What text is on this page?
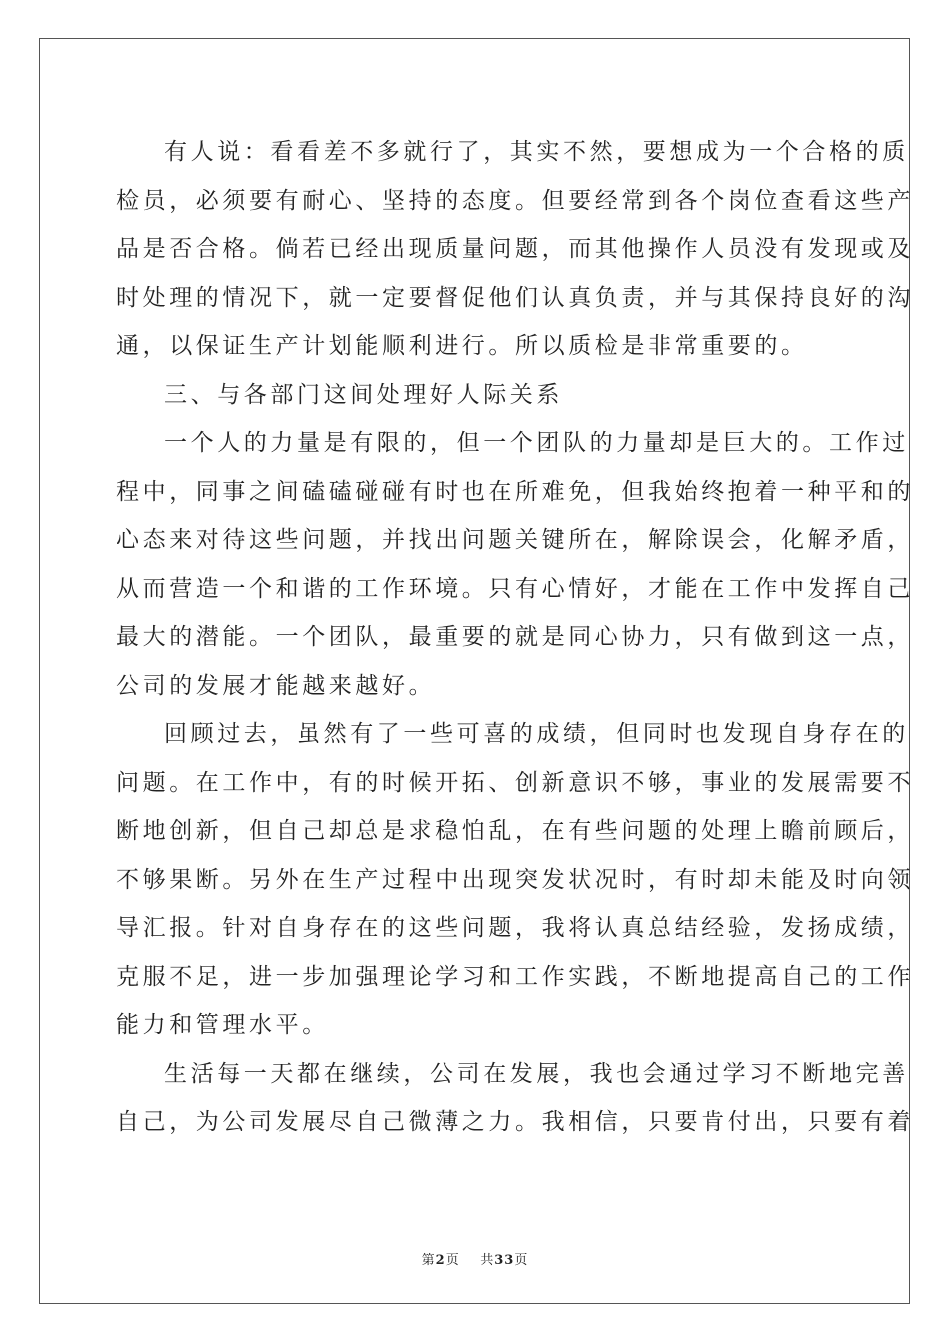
有人说：看看差不多就行了，其实不然，要想成为一个合格的质
检员，必须要有耐心、坚持的态度。但要经常到各个岗位查看这些产
品是否合格。倘若已经出现质量问题，而其他操作人员没有发现或及
时处理的情况下，就一定要督促他们认真负责，并与其保持良好的沟
通，以保证生产计划能顺利进行。所以质检是非常重要的。
三、与各部门这间处理好人际关系
一个人的力量是有限的，但一个团队的力量却是巨大的。工作过
程中，同事之间磕磕碰碰有时也在所难免，但我始终抱着一种平和的
心态来对待这些问题，并找出问题关键所在，解除误会，化解矛盾，
从而营造一个和谐的工作环境。只有心情好，才能在工作中发挥自己
最大的潜能。一个团队，最重要的就是同心协力，只有做到这一点，
公司的发展才能越来越好。
回顾过去，虽然有了一些可喜的成绩，但同时也发现自身存在的
问题。在工作中，有的时候开拓、创新意识不够，事业的发展需要不
断地创新，但自己却总是求稳怕乱，在有些问题的处理上瞻前顾后，
不够果断。另外在生产过程中出现突发状况时，有时却未能及时向领
导汇报。针对自身存在的这些问题，我将认真总结经验，发扬成绩，
克服不足，进一步加强理论学习和工作实践，不断地提高自己的工作
能力和管理水平。
生活每一天都在继续，公司在发展，我也会通过学习不断地完善
自己，为公司发展尽自己微薄之力。我相信，只要肯付出，只要有着
第2页 共33页
